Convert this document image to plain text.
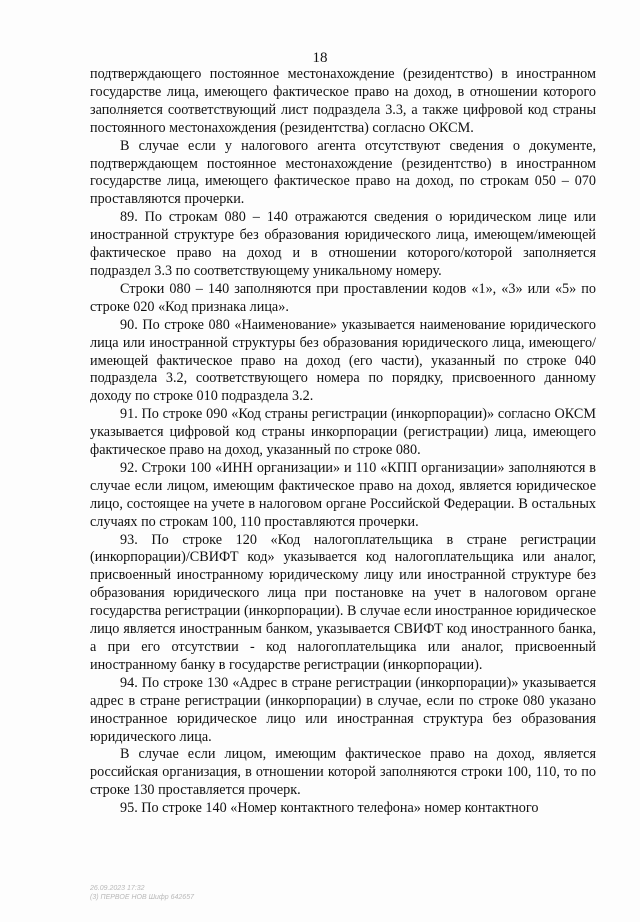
18

подтверждающего постоянное местонахождение (резидентство) в иностранном государстве лица, имеющего фактическое право на доход, в отношении которого заполняется соответствующий лист подраздела 3.3, а также цифровой код страны постоянного местонахождения (резидентства) согласно ОКСМ.

В случае если у налогового агента отсутствуют сведения о документе, подтверждающем постоянное местонахождение (резидентство) в иностранном государстве лица, имеющего фактическое право на доход, по строкам 050 – 070 проставляются прочерки.

89. По строкам 080 – 140 отражаются сведения о юридическом лице или иностранной структуре без образования юридического лица, имеющем/имеющей фактическое право на доход и в отношении которого/которой заполняется подраздел 3.3 по соответствующему уникальному номеру.

Строки 080 – 140 заполняются при проставлении кодов «1», «3» или «5» по строке 020 «Код признака лица».

90. По строке 080 «Наименование» указывается наименование юридического лица или иностранной структуры без образования юридического лица, имеющего/имеющей фактическое право на доход (его части), указанный по строке 040 подраздела 3.2, соответствующего номера по порядку, присвоенного данному доходу по строке 010 подраздела 3.2.

91. По строке 090 «Код страны регистрации (инкорпорации)» согласно ОКСМ указывается цифровой код страны инкорпорации (регистрации) лица, имеющего фактическое право на доход, указанный по строке 080.

92. Строки 100 «ИНН организации» и 110 «КПП организации» заполняются в случае если лицом, имеющим фактическое право на доход, является юридическое лицо, состоящее на учете в налоговом органе Российской Федерации. В остальных случаях по строкам 100, 110 проставляются прочерки.

93. По строке 120 «Код налогоплательщика в стране регистрации (инкорпорации)/СВИФТ код» указывается код налогоплательщика или аналог, присвоенный иностранному юридическому лицу или иностранной структуре без образования юридического лица при постановке на учет в налоговом органе государства регистрации (инкорпорации). В случае если иностранное юридическое лицо является иностранным банком, указывается СВИФТ код иностранного банка, а при его отсутствии - код налогоплательщика или аналог, присвоенный иностранному банку в государстве регистрации (инкорпорации).

94. По строке 130 «Адрес в стране регистрации (инкорпорации)» указывается адрес в стране регистрации (инкорпорации) в случае, если по строке 080 указано иностранное юридическое лицо или иностранная структура без образования юридического лица.

В случае если лицом, имеющим фактическое право на доход, является российская организация, в отношении которой заполняются строки 100, 110, то по строке 130 проставляется прочерк.

95. По строке 140 «Номер контактного телефона» номер контактного

26.09.2023 17:32
(3) ПЕРВОЕ НОВ Шифр 642657
